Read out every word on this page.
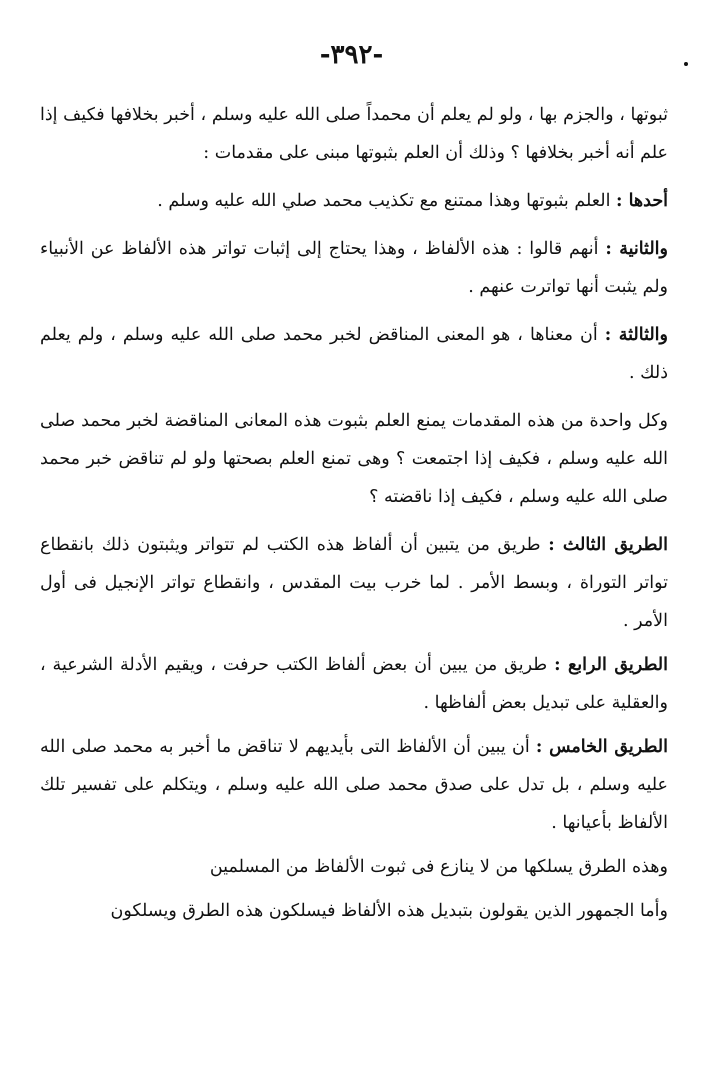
-٣٩٢-

ثبوتها ، والجزم بها ، ولو لم يعلم أن محمداً صلى الله عليه وسلم ، أخبر بخلافها فكيف إذا علم أنه أخبر بخلافها ؟ وذلك أن العلم بثبوتها مبنى على مقدمات :

أحدها : العلم بثبوتها وهذا ممتنع مع تكذيب محمد صلي الله عليه وسلم .

والثانية : أنهم قالوا : هذه الألفاظ ، وهذا يحتاج إلى إثبات تواتر هذه الألفاظ عن الأنبياء ولم يثبت أنها تواترت عنهم .

والثالثة : أن معناها ، هو المعنى المناقض لخبر محمد صلى الله عليه وسلم ، ولم يعلم ذلك .

وكل واحدة من هذه المقدمات يمنع العلم بثبوت هذه المعانى المناقضة لخبر محمد صلى الله عليه وسلم ، فكيف إذا اجتمعت ؟ وهى تمنع العلم بصحتها ولو لم تناقض خبر محمد صلى الله عليه وسلم ، فكيف إذا ناقضته ؟

الطريق الثالث : طريق من يتبين أن ألفاظ هذه الكتب لم تتواتر ويثبتون ذلك بانقطاع تواتر التوراة ، وبسط الأمر . لما خرب بيت المقدس ، وانقطاع تواتر الإنجيل فى أول الأمر .

الطريق الرابع : طريق من يبين أن بعض ألفاظ الكتب حرفت ، ويقيم الأدلة الشرعية ، والعقلية على تبديل بعض ألفاظها .

الطريق الخامس : أن يبين أن الألفاظ التى بأيديهم لا تناقض ما أخبر به محمد صلى الله عليه وسلم ، بل تدل على صدق محمد صلى الله عليه وسلم ، ويتكلم على تفسير تلك الألفاظ بأعيانها .

وهذه الطرق يسلكها من لا ينازع فى ثبوت الألفاظ من المسلمين

وأما الجمهور الذين يقولون بتبديل هذه الألفاظ فيسلكون هذه الطرق ويسلكون
